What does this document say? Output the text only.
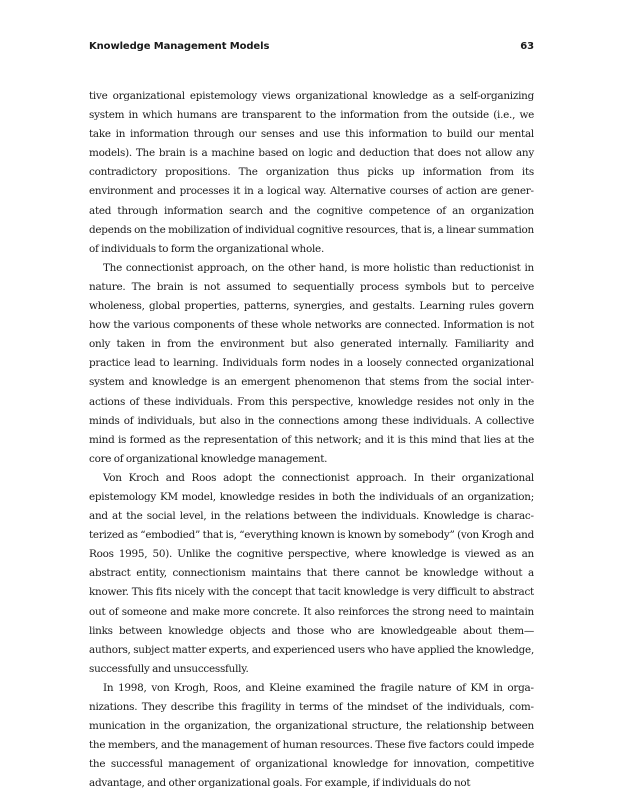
Knowledge Management Models	63

tive organizational epistemology views organizational knowledge as a self-organizing system in which humans are transparent to the information from the outside (i.e., we take in information through our senses and use this information to build our mental models). The brain is a machine based on logic and deduction that does not allow any contradictory propositions. The organization thus picks up information from its environment and processes it in a logical way. Alternative courses of action are generated through information search and the cognitive competence of an organization depends on the mobilization of individual cognitive resources, that is, a linear summation of individuals to form the organizational whole.

The connectionist approach, on the other hand, is more holistic than reductionist in nature. The brain is not assumed to sequentially process symbols but to perceive wholeness, global properties, patterns, synergies, and gestalts. Learning rules govern how the various components of these whole networks are connected. Information is not only taken in from the environment but also generated internally. Familiarity and practice lead to learning. Individuals form nodes in a loosely connected organizational system and knowledge is an emergent phenomenon that stems from the social interactions of these individuals. From this perspective, knowledge resides not only in the minds of individuals, but also in the connections among these individuals. A collective mind is formed as the representation of this network; and it is this mind that lies at the core of organizational knowledge management.

Von Kroch and Roos adopt the connectionist approach. In their organizational epistemology KM model, knowledge resides in both the individuals of an organization; and at the social level, in the relations between the individuals. Knowledge is characterized as “embodied” that is, “everything known is known by somebody” (von Krogh and Roos 1995, 50). Unlike the cognitive perspective, where knowledge is viewed as an abstract entity, connectionism maintains that there cannot be knowledge without a knower. This fits nicely with the concept that tacit knowledge is very difficult to abstract out of someone and make more concrete. It also reinforces the strong need to maintain links between knowledge objects and those who are knowledgeable about them—authors, subject matter experts, and experienced users who have applied the knowledge, successfully and unsuccessfully.

In 1998, von Krogh, Roos, and Kleine examined the fragile nature of KM in organizations. They describe this fragility in terms of the mindset of the individuals, communication in the organization, the organizational structure, the relationship between the members, and the management of human resources. These five factors could impede the successful management of organizational knowledge for innovation, competitive advantage, and other organizational goals. For example, if individuals do not
